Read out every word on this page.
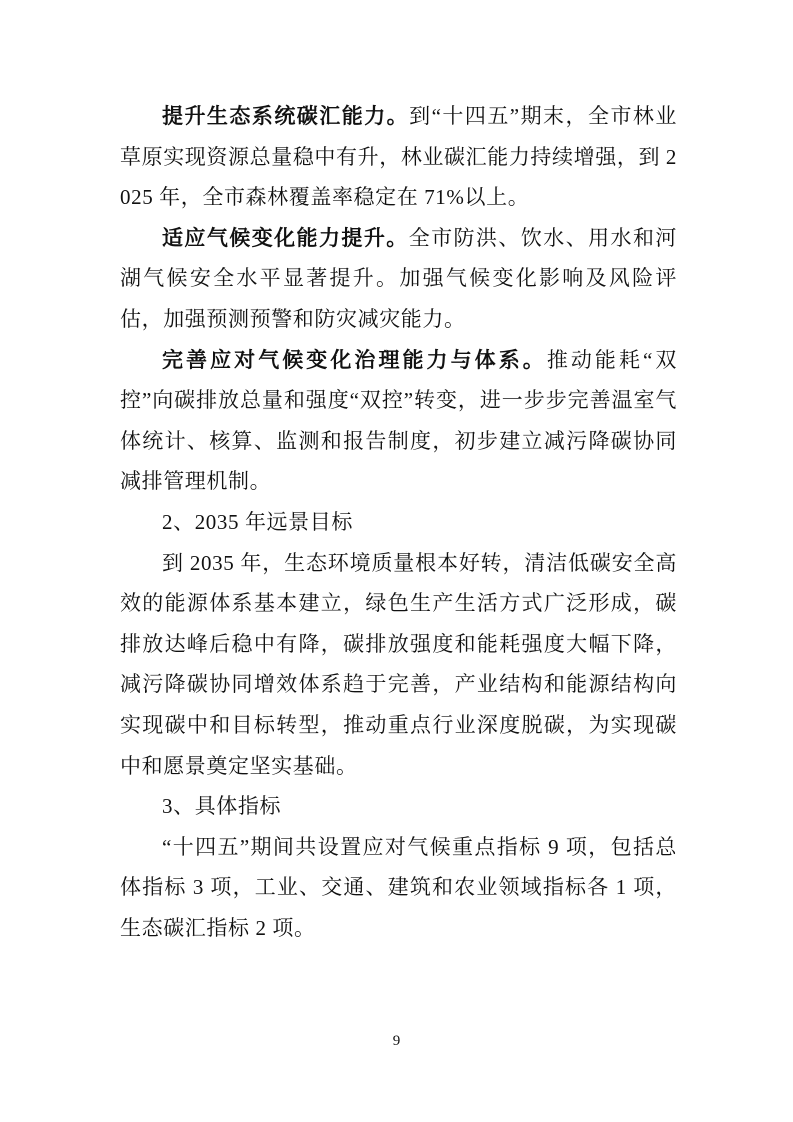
提升生态系统碳汇能力。到“十四五”期末，全市林业草原实现资源总量稳中有升，林业碳汇能力持续增强，到 2025 年，全市森林覆盖率稳定在 71%以上。

适应气候变化能力提升。全市防洪、饮水、用水和河湖气候安全水平显著提升。加强气候变化影响及风险评估，加强预测预警和防灾减灾能力。

完善应对气候变化治理能力与体系。推动能耗“双控”向碳排放总量和强度“双控”转变，进一步步完善温室气体统计、核算、监测和报告制度，初步建立减污降碳协同减排管理机制。

2、2035 年远景目标

到 2035 年，生态环境质量根本好转，清洁低碳安全高效的能源体系基本建立，绿色生产生活方式广泛形成，碳排放达峰后稳中有降，碳排放强度和能耗强度大幅下降，减污降碳协同增效体系趋于完善，产业结构和能源结构向实现碳中和目标转型，推动重点行业深度脱碳，为实现碳中和愿景奠定坚实基础。

3、具体指标

“十四五”期间共设置应对气候重点指标 9 项，包括总体指标 3 项，工业、交通、建筑和农业领域指标各 1 项，生态碳汇指标 2 项。

9
